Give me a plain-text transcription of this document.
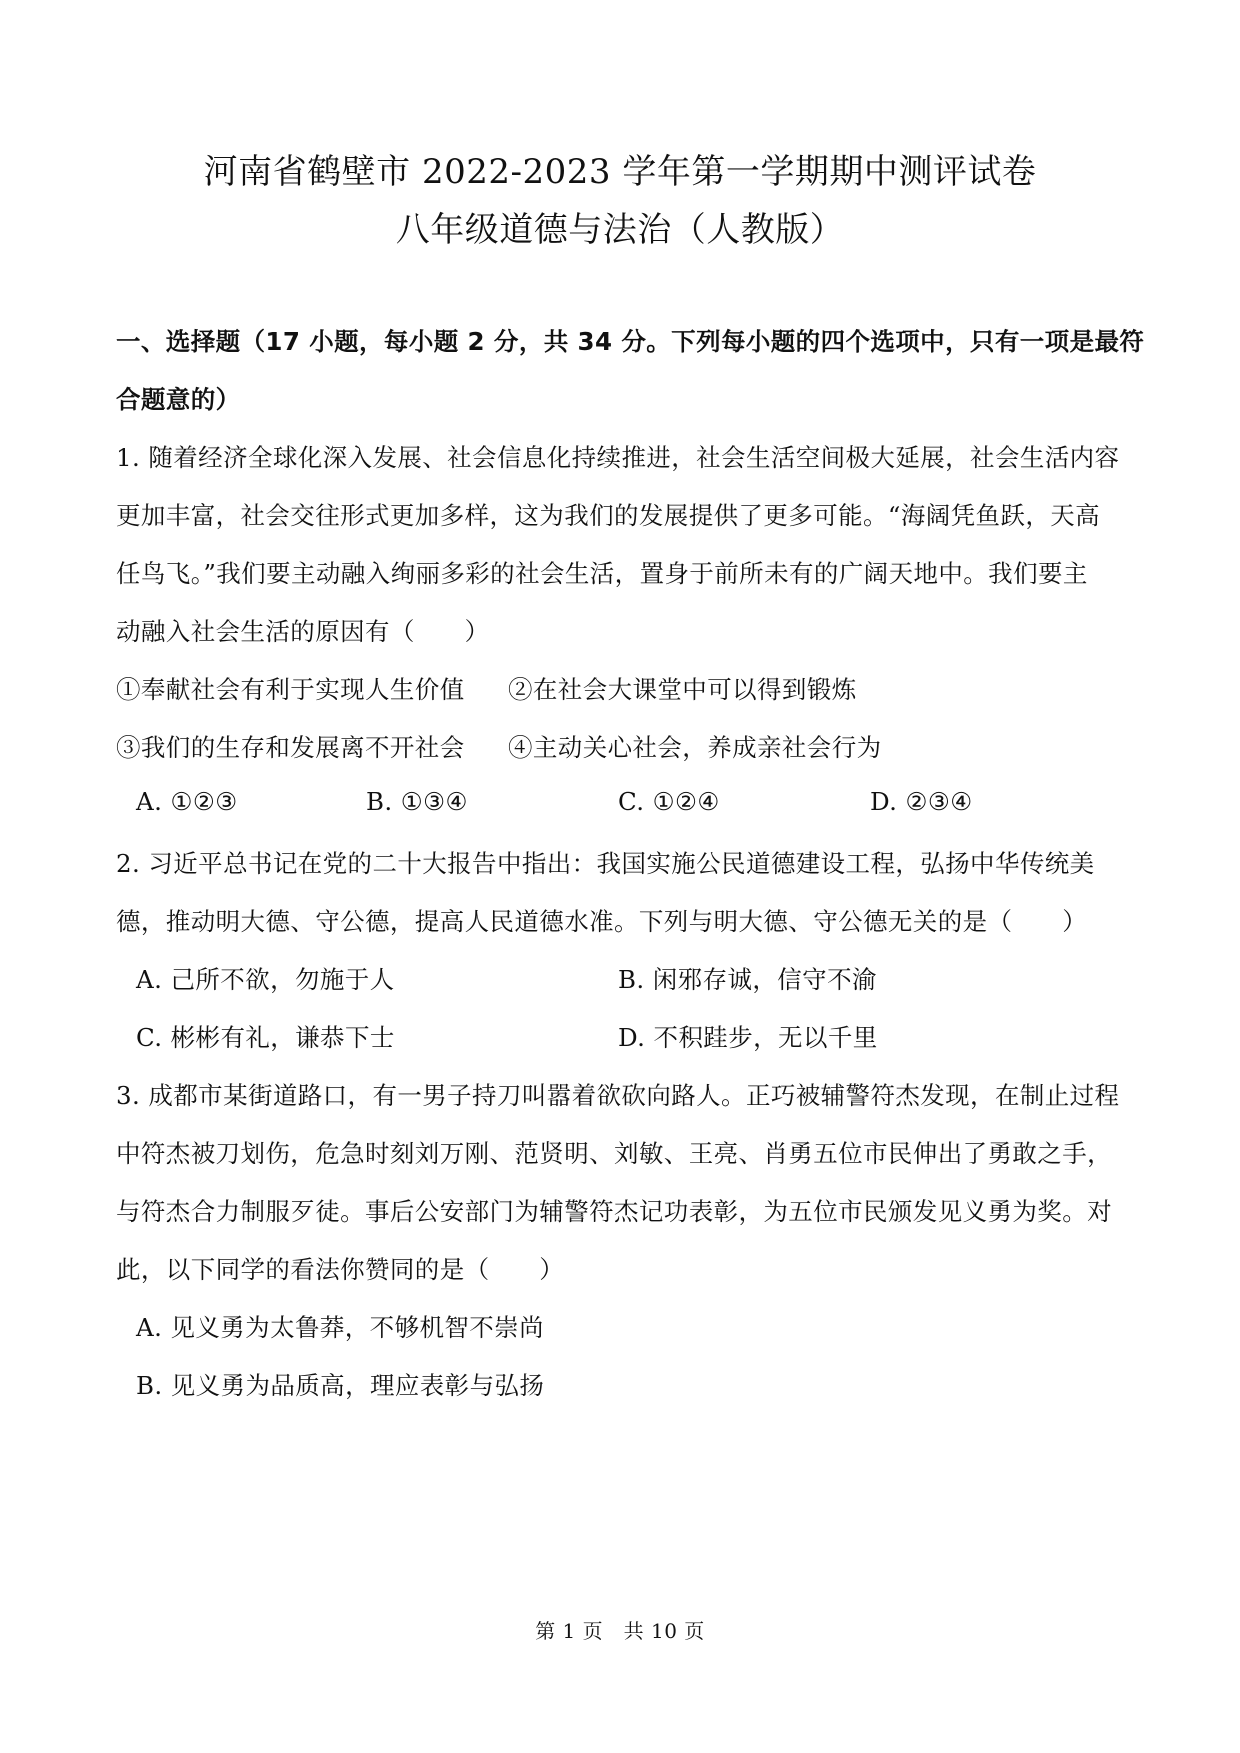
河南省鹤壁市 2022-2023 学年第一学期期中测评试卷
八年级道德与法治（人教版）
一、选择题（17 小题，每小题 2 分，共 34 分。下列每小题的四个选项中，只有一项是最符
合题意的）
1. 随着经济全球化深入发展、社会信息化持续推进，社会生活空间极大延展，社会生活内容
更加丰富，社会交往形式更加多样，这为我们的发展提供了更多可能。“海阔凭鱼跃，天高
任鸟飞。”我们要主动融入绚丽多彩的社会生活，置身于前所未有的广阔天地中。我们要主
动融入社会生活的原因有（　　）
①奉献社会有利于实现人生价值 ②在社会大课堂中可以得到锻炼
③我们的生存和发展离不开社会 ④主动关心社会，养成亲社会行为
A. ①②③	B. ①③④	C. ①②④	D. ②③④
2. 习近平总书记在党的二十大报告中指出：我国实施公民道德建设工程，弘扬中华传统美
德，推动明大德、守公德，提高人民道德水准。下列与明大德、守公德无关的是（　　）
A. 己所不欲，勿施于人	B. 闲邪存诚，信守不渝
C. 彬彬有礼，谦恭下士	D. 不积跬步，无以千里
3. 成都市某街道路口，有一男子持刀叫嚣着欲砍向路人。正巧被辅警符杰发现，在制止过程
中符杰被刀划伤，危急时刻刘万刚、范贤明、刘敏、王亮、肖勇五位市民伸出了勇敢之手，
与符杰合力制服歹徒。事后公安部门为辅警符杰记功表彰，为五位市民颁发见义勇为奖。对
此，以下同学的看法你赞同的是（　　）
A. 见义勇为太鲁莽，不够机智不崇尚
B. 见义勇为品质高，理应表彰与弘扬
第 1 页　共 10 页
